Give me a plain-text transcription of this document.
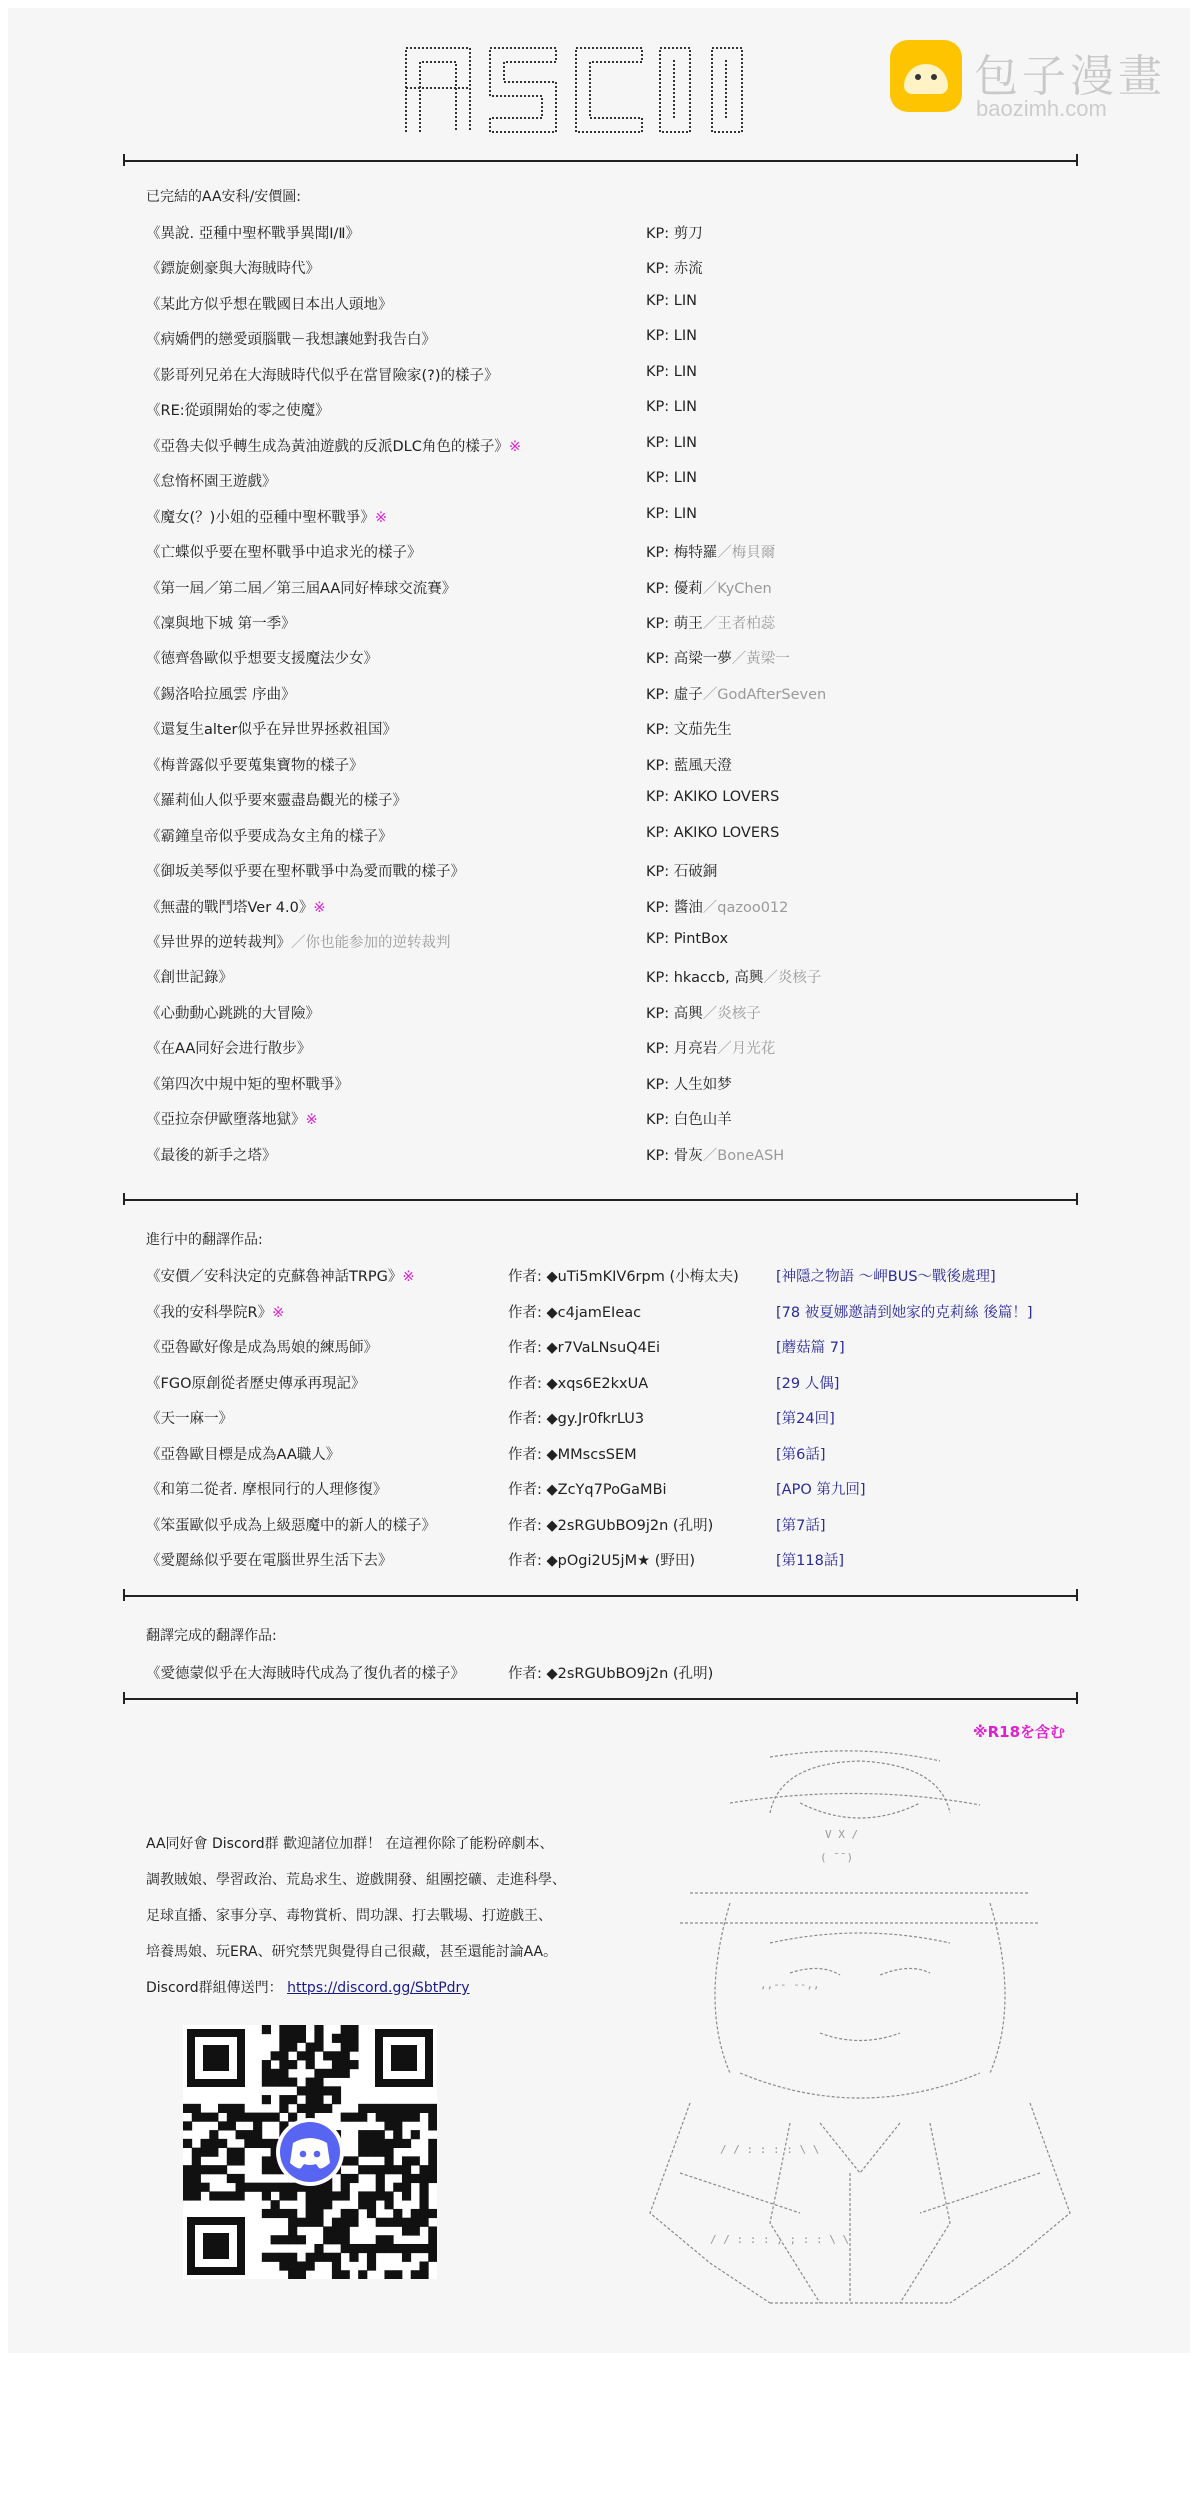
包子漫畫
baozimh.com
已完結的AA安科/安價圖:
《異說. 亞種中聖杯戰爭異聞Ⅰ/Ⅱ》	KP: 剪刀
《鏢旋劍豪與大海賊時代》	KP: 赤流
《某此方似乎想在戰國日本出人頭地》	KP: LIN
《病嬌們的戀愛頭腦戰－我想讓她對我告白》	KP: LIN
《影哥列兄弟在大海賊時代似乎在當冒險家(?)的樣子》	KP: LIN
《RE:從頭開始的零之使魔》	KP: LIN
《亞魯夫似乎轉生成為黃油遊戲的反派DLC角色的樣子》※	KP: LIN
《怠惰杯園王遊戲》	KP: LIN
《魔女(？)小姐的亞種中聖杯戰爭》※	KP: LIN
《亡蝶似乎要在聖杯戰爭中追求光的樣子》	KP: 梅特羅／梅貝爾
《第一屆／第二屆／第三屆AA同好棒球交流賽》	KP: 優莉／KyChen
《凜與地下城 第一季》	KP: 萌王／王者柏蕊
《德齊魯歐似乎想要支援魔法少女》	KP: 高梁一夢／黃梁一
《錫洛哈拉風雲 序曲》	KP: 虛子／GodAfterSeven
《還复生alter似乎在异世界拯救祖国》	KP: 文茄先生
《梅普露似乎要蒐集寶物的樣子》	KP: 藍風天澄
《羅莉仙人似乎要來靈盡島觀光的樣子》	KP: AKIKO LOVERS
《霸鐘皇帝似乎要成為女主角的樣子》	KP: AKIKO LOVERS
《御坂美琴似乎要在聖杯戰爭中為愛而戰的樣子》	KP: 石破銅
《無盡的戰鬥塔Ver 4.0》※	KP: 醬油／qazoo012
《异世界的逆转裁判》／你也能参加的逆转裁判	KP: PintBox
《創世記錄》	KP: hkaccb, 高興／炎核子
《心動動心跳跳的大冒險》	KP: 高興／炎核子
《在AA同好会进行散步》	KP: 月亮岩／月光花
《第四次中規中矩的聖杯戰爭》	KP: 人生如梦
《亞拉奈伊歐墮落地獄》※	KP: 白色山羊
《最後的新手之塔》	KP: 骨灰／BoneASH
進行中的翻譯作品:
《安價／安科決定的克蘇魯神話TRPG》※	作者: ◆uTi5mKIV6rpm (小梅太夫)	[神隱之物語 ～岬BUS～戰後處理]
《我的安科學院R》※	作者: ◆c4jamEIeac	[78 被夏娜邀請到她家的克莉絲 後篇！]
《亞魯歐好像是成為馬娘的練馬師》	作者: ◆r7VaLNsuQ4Ei	[蘑菇篇 7]
《FGO原創從者歷史傳承再現記》	作者: ◆xqs6E2kxUA	[29 人偶]
《天一麻一》	作者: ◆gy.Jr0fkrLU3	[第24回]
《亞魯歐目標是成為AA職人》	作者: ◆MMscsSEM	[第6話]
《和第二從者. 摩根同行的人理修復》	作者: ◆ZcYq7PoGaMBi	[APO 第九回]
《笨蛋歐似乎成為上級惡魔中的新人的樣子》	作者: ◆2sRGUbBO9j2n (孔明)	[第7話]
《愛麗絲似乎要在電腦世界生活下去》	作者: ◆pOgi2U5jM★ (野田)	[第118話]
翻譯完成的翻譯作品:
《愛德蒙似乎在大海賊時代成為了復仇者的樣子》	作者: ◆2sRGUbBO9j2n (孔明)
※R18を含む
AA同好會 Discord群 歡迎諸位加群！ 在這裡你除了能粉碎劇本、
調教賊娘、學習政治、荒島求生、遊戲開發、組團挖礦、走進科學、
足球直播、家事分享、毒物賞析、問功課、打去戰場、打遊戲王、
培養馬娘、玩ERA、研究禁咒與覺得自己很藏，甚至還能討論AA。
Discord群組傳送門： https://discord.gg/SbtPdry
V X /
( ̄ ̄ )
,,-‐ ‐-,,
/ / : : : : \ \
/ / : : : ; ; : : \ \
